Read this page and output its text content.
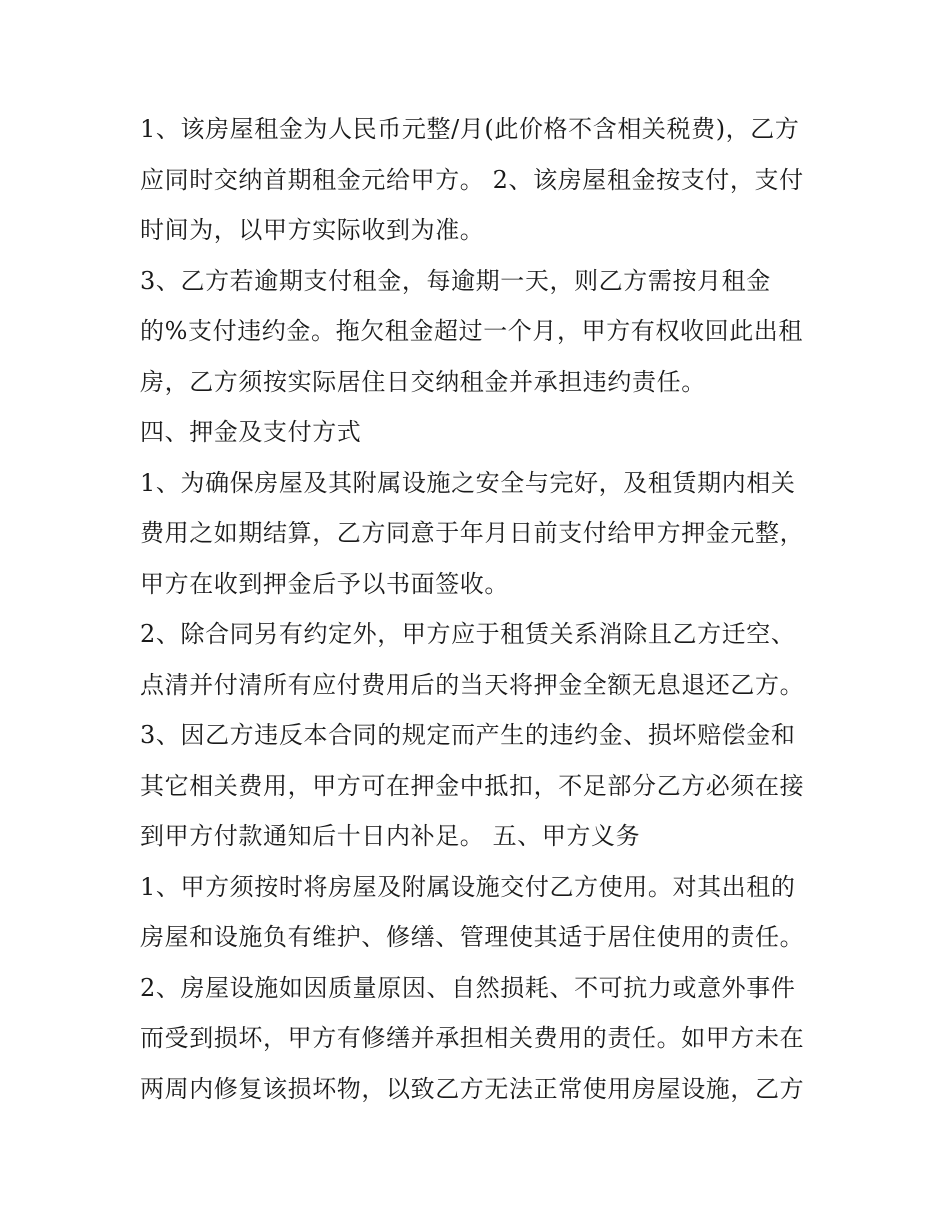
1、该房屋租金为人民币元整/月(此价格不含相关税费)，乙方
应同时交纳首期租金元给甲方。 2、该房屋租金按支付，支付
时间为，以甲方实际收到为准。
3、乙方若逾期支付租金，每逾期一天，则乙方需按月租金
的%支付违约金。拖欠租金超过一个月，甲方有权收回此出租
房，乙方须按实际居住日交纳租金并承担违约责任。
四、押金及支付方式
1、为确保房屋及其附属设施之安全与完好，及租赁期内相关
费用之如期结算，乙方同意于年月日前支付给甲方押金元整，
甲方在收到押金后予以书面签收。
2、除合同另有约定外，甲方应于租赁关系消除且乙方迁空、
点清并付清所有应付费用后的当天将押金全额无息退还乙方。
3、因乙方违反本合同的规定而产生的违约金、损坏赔偿金和
其它相关费用，甲方可在押金中抵扣，不足部分乙方必须在接
到甲方付款通知后十日内补足。 五、甲方义务
1、甲方须按时将房屋及附属设施交付乙方使用。对其出租的
房屋和设施负有维护、修缮、管理使其适于居住使用的责任。
2、房屋设施如因质量原因、自然损耗、不可抗力或意外事件
而受到损坏，甲方有修缮并承担相关费用的责任。如甲方未在
两周内修复该损坏物，以致乙方无法正常使用房屋设施，乙方
